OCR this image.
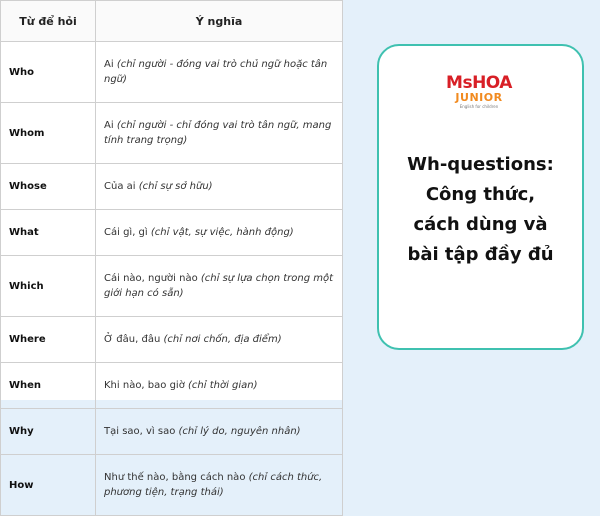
Từ để hỏi	Ý nghĩa
Who	Ai (chỉ người - đóng vai trò chủ ngữ hoặc tân ngữ)
Whom	Ai (chỉ người - chỉ đóng vai trò tân ngữ, mang tính trang trọng)
Whose	Của ai (chỉ sự sở hữu)
What	Cái gì, gì (chỉ vật, sự việc, hành động)
Which	Cái nào, người nào (chỉ sự lựa chọn trong một giới hạn có sẵn)
Where	Ở đâu, đâu (chỉ nơi chốn, địa điểm)
When	Khi nào, bao giờ (chỉ thời gian)
Why	Tại sao, vì sao (chỉ lý do, nguyên nhân)
How	Như thế nào, bằng cách nào (chỉ cách thức, phương tiện, trạng thái)
MsHOA
JUNIOR
English for children
Wh-questions:
Công thức,
cách dùng và
bài tập đầy đủ
